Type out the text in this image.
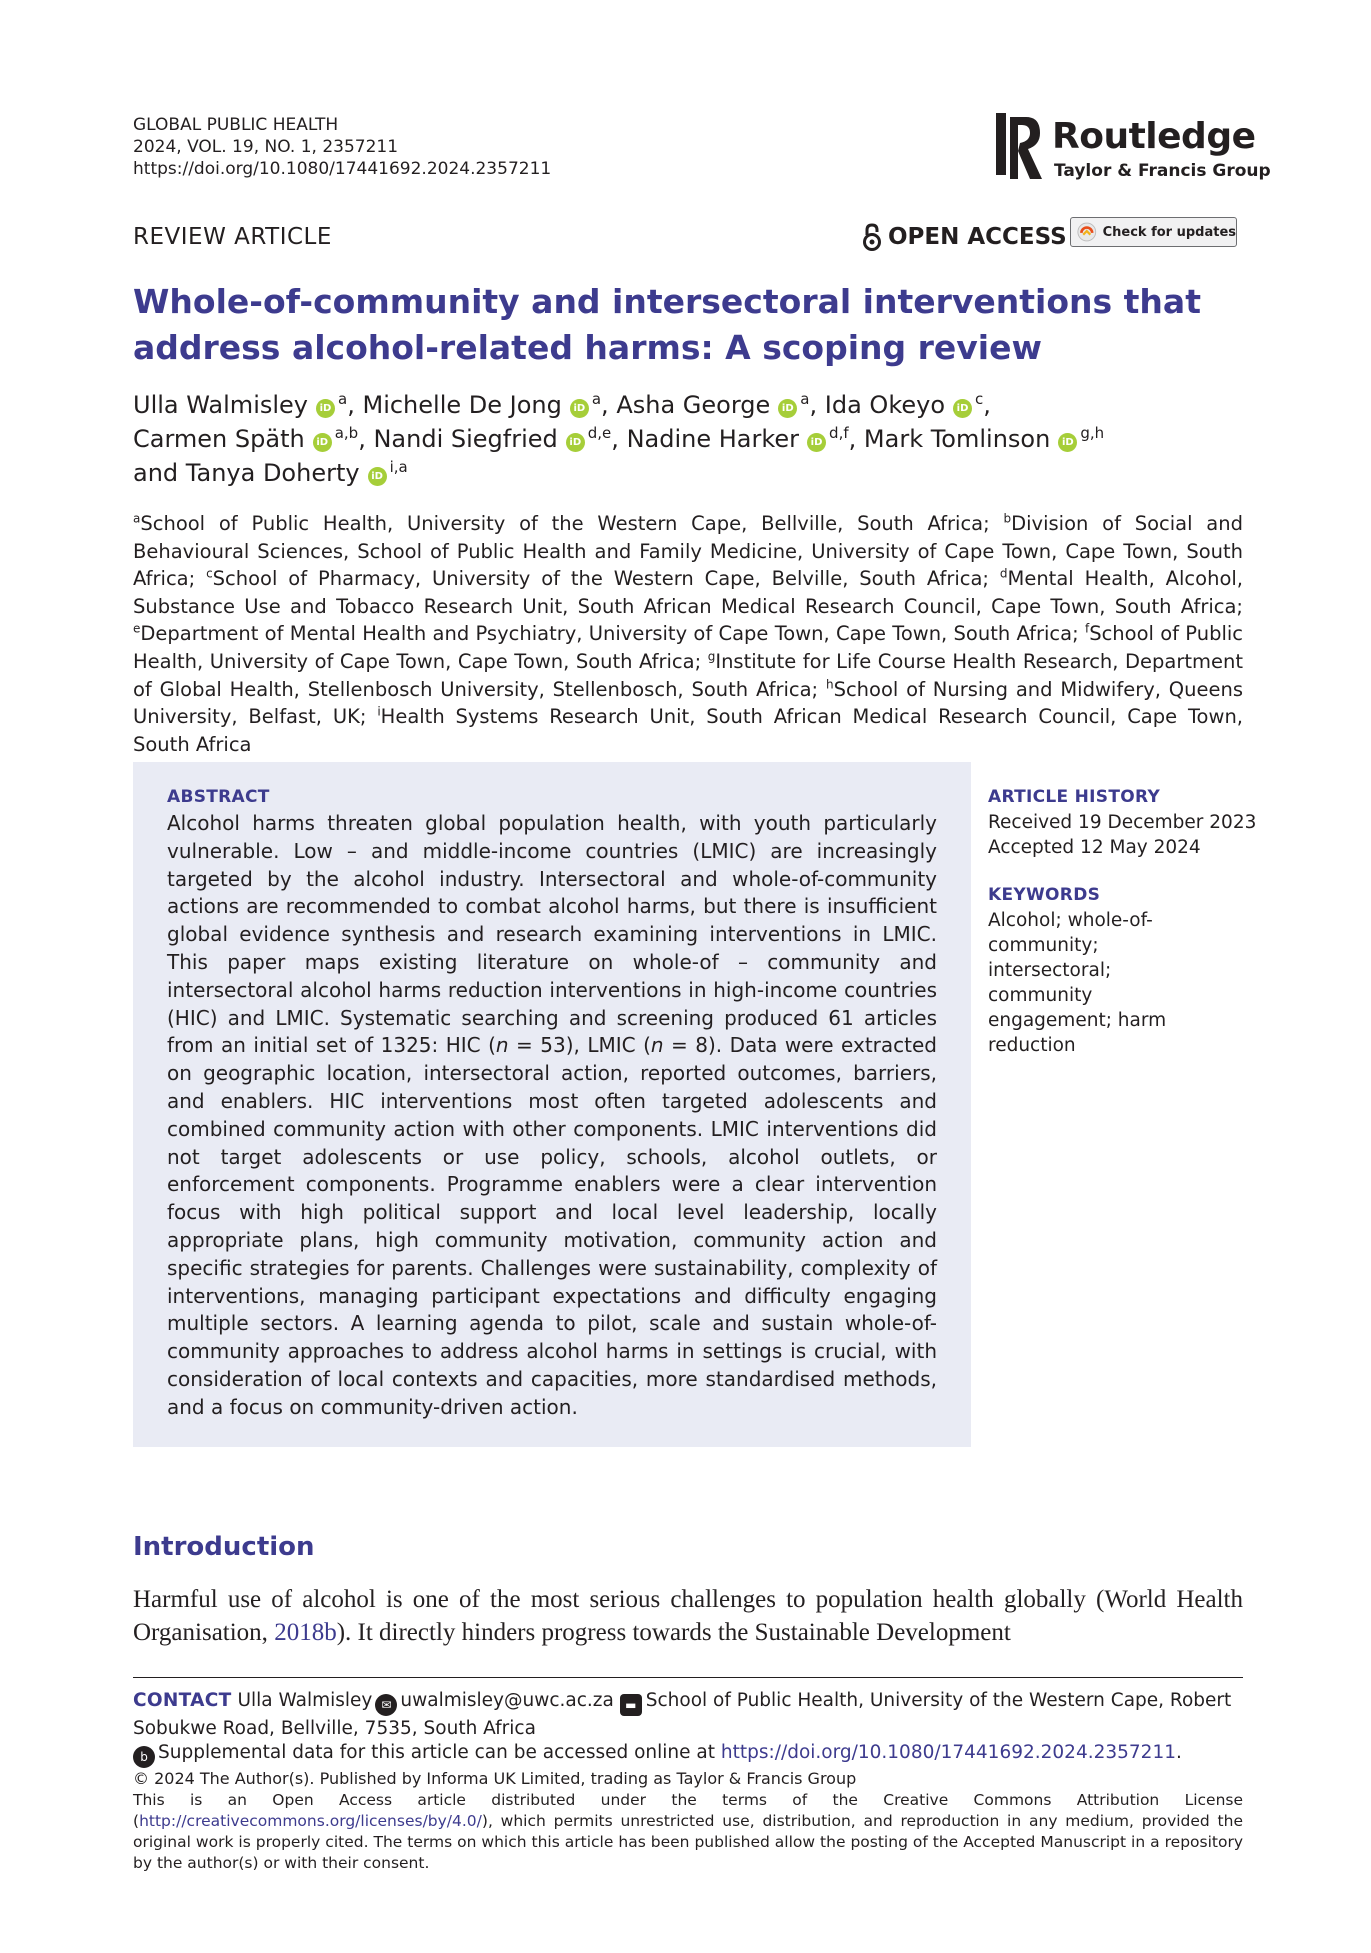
GLOBAL PUBLIC HEALTH
2024, VOL. 19, NO. 1, 2357211
https://doi.org/10.1080/17441692.2024.2357211
Routledge
Taylor & Francis Group
REVIEW ARTICLE	OPEN ACCESS	Check for updates
Whole-of-community and intersectoral interventions that address alcohol-related harms: A scoping review
Ulla Walmisley $iD^a$, Michelle De Jong $iD^a$, Asha George $iD^a$, Ida Okeyo $iD^c$,
Carmen Späth iD$^{a,b}$, Nandi Siegfried iD$^{d,e}$, Nadine Harker iD$^{d,f}$, Mark Tomlinson iD$^{g,h}$
and Tanya Doherty iD$^{i,a}$
$^a$School of Public Health, University of the Western Cape, Bellville, South Africa; $^b$Division of Social and Behavioural Sciences, School of Public Health and Family Medicine, University of Cape Town, Cape Town, South Africa; $^c$School of Pharmacy, University of the Western Cape, Belville, South Africa; $^d$Mental Health, Alcohol, Substance Use and Tobacco Research Unit, South African Medical Research Council, Cape Town, South Africa; $^e$Department of Mental Health and Psychiatry, University of Cape Town, Cape Town, South Africa; $^f$School of Public Health, University of Cape Town, Cape Town, South Africa; $^g$Institute for Life Course Health Research, Department of Global Health, Stellenbosch University, Stellenbosch, South Africa; $^h$School of Nursing and Midwifery, Queens University, Belfast, UK; $^i$Health Systems Research Unit, South African Medical Research Council, Cape Town, South Africa
ABSTRACT
Alcohol harms threaten global population health, with youth particularly vulnerable. Low – and middle-income countries (LMIC) are increasingly targeted by the alcohol industry. Intersectoral and whole-of-community actions are recommended to combat alcohol harms, but there is insufficient global evidence synthesis and research examining interventions in LMIC. This paper maps existing literature on whole-of – community and intersectoral alcohol harms reduction interventions in high-income countries (HIC) and LMIC. Systematic searching and screening produced 61 articles from an initial set of 1325: HIC (n = 53), LMIC (n = 8). Data were extracted on geographic location, intersectoral action, reported outcomes, barriers, and enablers. HIC interventions most often targeted adolescents and combined community action with other components. LMIC interventions did not target adolescents or use policy, schools, alcohol outlets, or enforcement components. Programme enablers were a clear intervention focus with high political support and local level leadership, locally appropriate plans, high community motivation, community action and specific strategies for parents. Challenges were sustainability, complexity of interventions, managing participant expectations and difficulty engaging multiple sectors. A learning agenda to pilot, scale and sustain whole-of-community approaches to address alcohol harms in settings is crucial, with consideration of local contexts and capacities, more standardised methods, and a focus on community-driven action.
ARTICLE HISTORY
Received 19 December 2023
Accepted 12 May 2024
KEYWORDS
Alcohol; whole-of-community; intersectoral; community engagement; harm reduction
Introduction
Harmful use of alcohol is one of the most serious challenges to population health globally (World Health Organisation, 2018b). It directly hinders progress towards the Sustainable Development
CONTACT Ulla Walmisley ✉ uwalmisley@uwc.ac.za ▬ School of Public Health, University of the Western Cape, Robert Sobukwe Road, Bellville, 7535, South Africa
b Supplemental data for this article can be accessed online at https://doi.org/10.1080/17441692.2024.2357211.
© 2024 The Author(s). Published by Informa UK Limited, trading as Taylor & Francis Group
This is an Open Access article distributed under the terms of the Creative Commons Attribution License (http://creativecommons.org/licenses/by/4.0/), which permits unrestricted use, distribution, and reproduction in any medium, provided the original work is properly cited. The terms on which this article has been published allow the posting of the Accepted Manuscript in a repository by the author(s) or with their consent.
